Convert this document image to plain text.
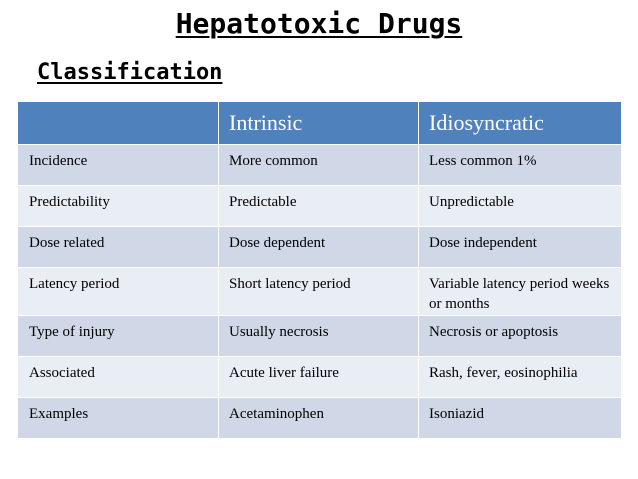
Hepatotoxic Drugs
Classification
	Intrinsic	Idiosyncratic
Incidence	More common	Less common 1%
Predictability	Predictable	Unpredictable
Dose related	Dose dependent	Dose independent
Latency period	Short latency period	Variable latency period weeks or months
Type of injury	Usually necrosis	Necrosis or apoptosis
Associated	Acute liver failure	Rash, fever, eosinophilia
Examples	Acetaminophen	Isoniazid
